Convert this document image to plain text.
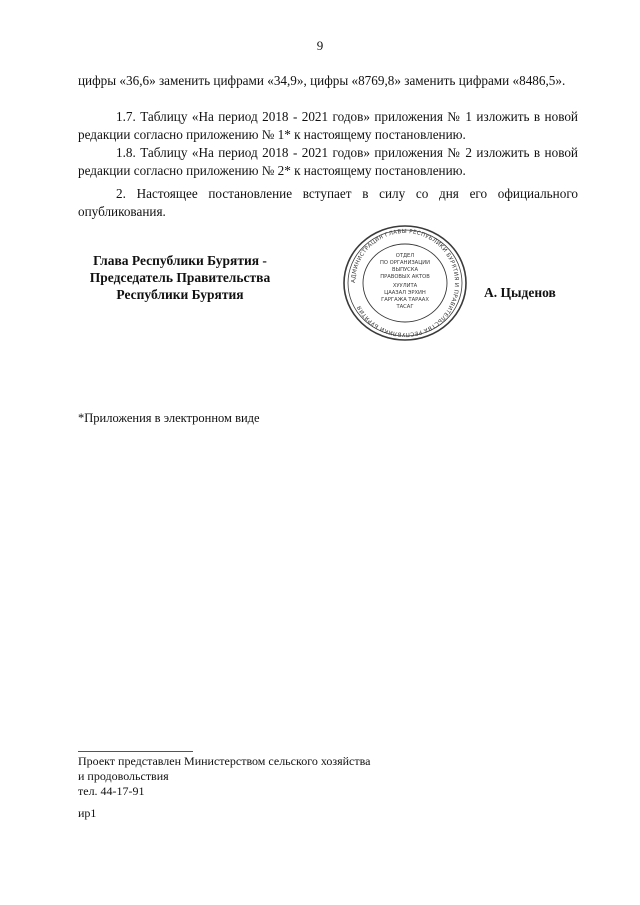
9
цифры «36,6» заменить цифрами «34,9», цифры «8769,8» заменить цифрами «8486,5».
1.7. Таблицу «На период 2018 - 2021 годов» приложения № 1 изложить в новой редакции согласно приложению № 1* к настоящему постановлению.
1.8. Таблицу «На период 2018 - 2021 годов» приложения № 2 изложить в новой редакции согласно приложению № 2* к настоящему постановлению.
2. Настоящее постановление вступает в силу со дня его официального опубликования.
Глава Республики Бурятия -
Председатель Правительства
Республики Бурятия
АДМИНИСТРАЦИЯ ГЛАВЫ РЕСПУБЛИКИ БУРЯТИЯ И ПРАВИТЕЛЬСТВА РЕСПУБЛИКИ БУРЯТИЯ
ОТДЕЛ
ПО ОРГАНИЗАЦИИ
ВЫПУСКА
ПРАВОВЫХ АКТОВ
ХУУЛИТА
ЦААЗАЛ ЭРХИН
ГАРГАЖА ТАРААХ
ТАСАГ
А. Цыденов
*Приложения в электронном виде
Проект представлен Министерством сельского хозяйства
и продовольствия
тел. 44-17-91
ир1
